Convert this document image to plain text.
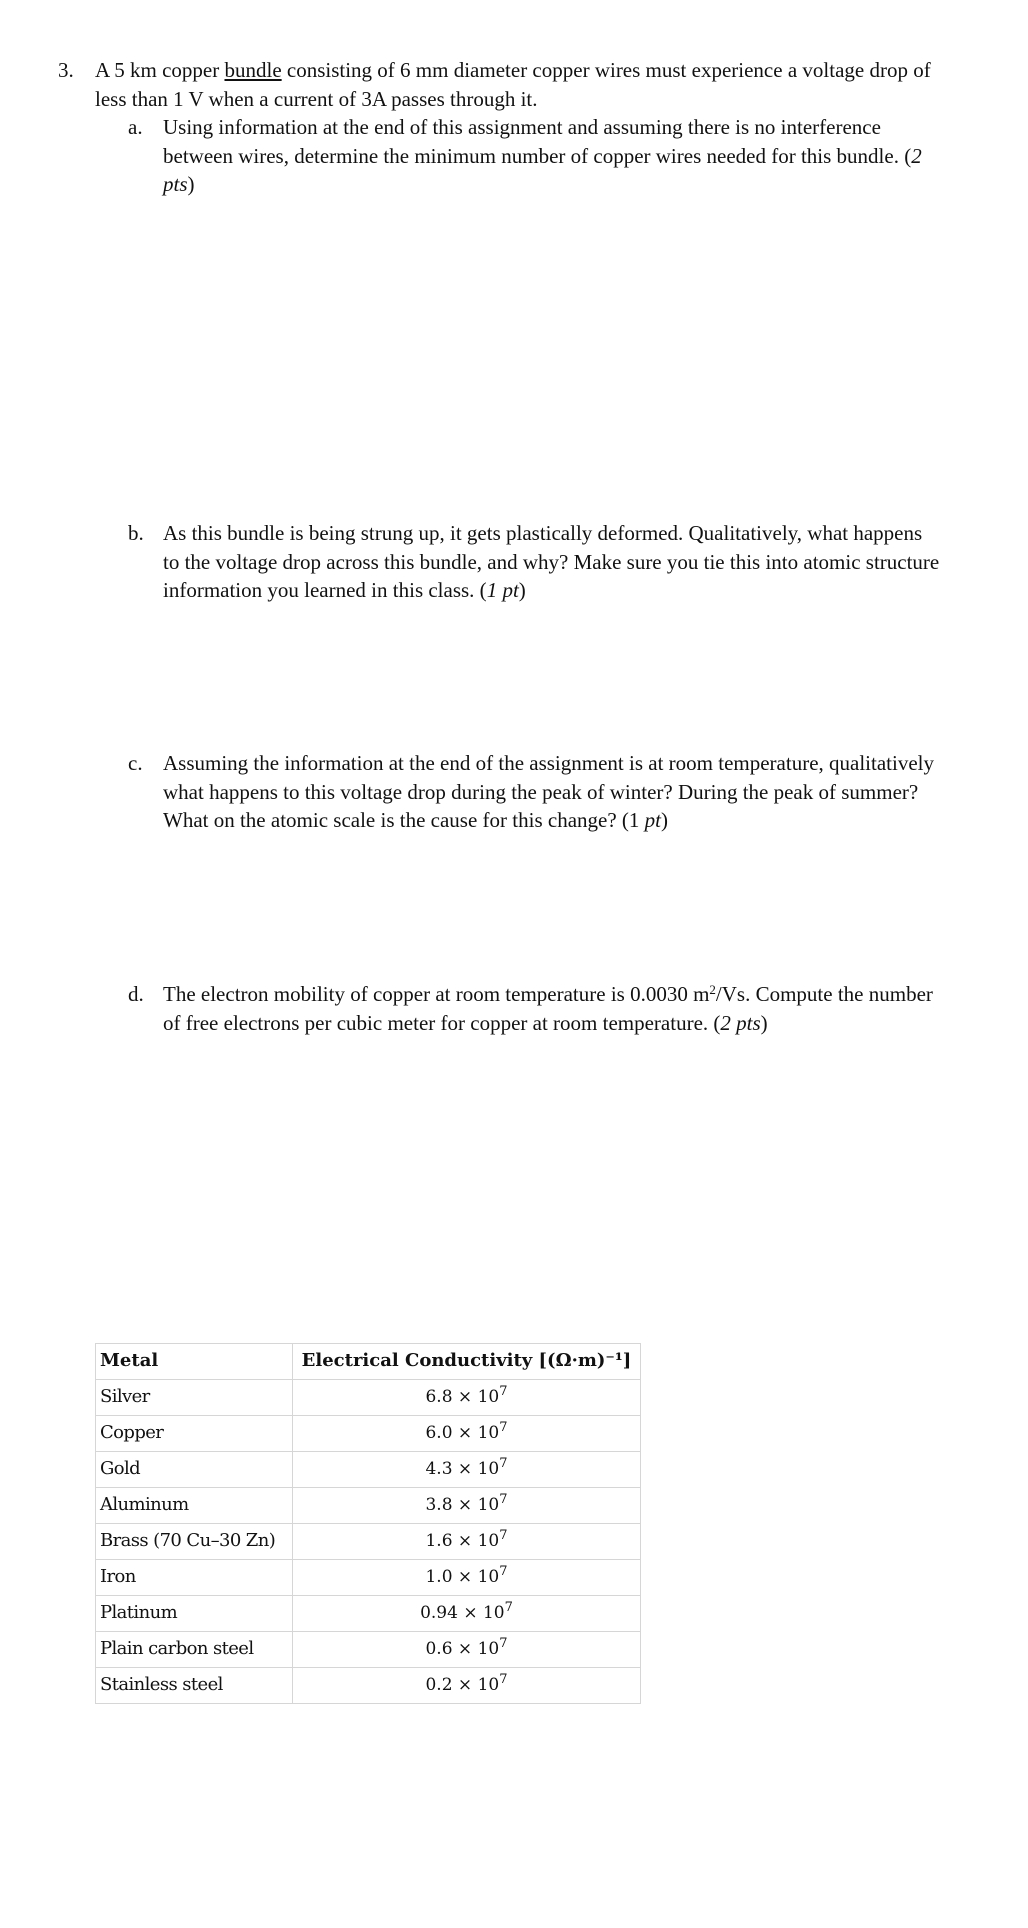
3. A 5 km copper bundle consisting of 6 mm diameter copper wires must experience a voltage drop of less than 1 V when a current of 3A passes through it.
a. Using information at the end of this assignment and assuming there is no interference between wires, determine the minimum number of copper wires needed for this bundle. (2 pts)
b. As this bundle is being strung up, it gets plastically deformed. Qualitatively, what happens to the voltage drop across this bundle, and why? Make sure you tie this into atomic structure information you learned in this class. (1 pt)
c. Assuming the information at the end of the assignment is at room temperature, qualitatively what happens to this voltage drop during the peak of winter? During the peak of summer? What on the atomic scale is the cause for this change? (1 pt)
d. The electron mobility of copper at room temperature is 0.0030 $m^2/Vs$. Compute the number of free electrons per cubic meter for copper at room temperature. (2 pts)
Metal	Electrical Conductivity [(Ω·m)⁻¹]
Silver	$6.8 \times 10^7$
Copper	$6.0 \times 10^7$
Gold	$4.3 \times 10^7$
Aluminum	$3.8 \times 10^7$
Brass (70 Cu–30 Zn)	$1.6 \times 10^7$
Iron	$1.0 \times 10^7$
Platinum	$0.94 \times 10^7$
Plain carbon steel	$0.6 \times 10^7$
Stainless steel	$0.2 \times 10^7$
